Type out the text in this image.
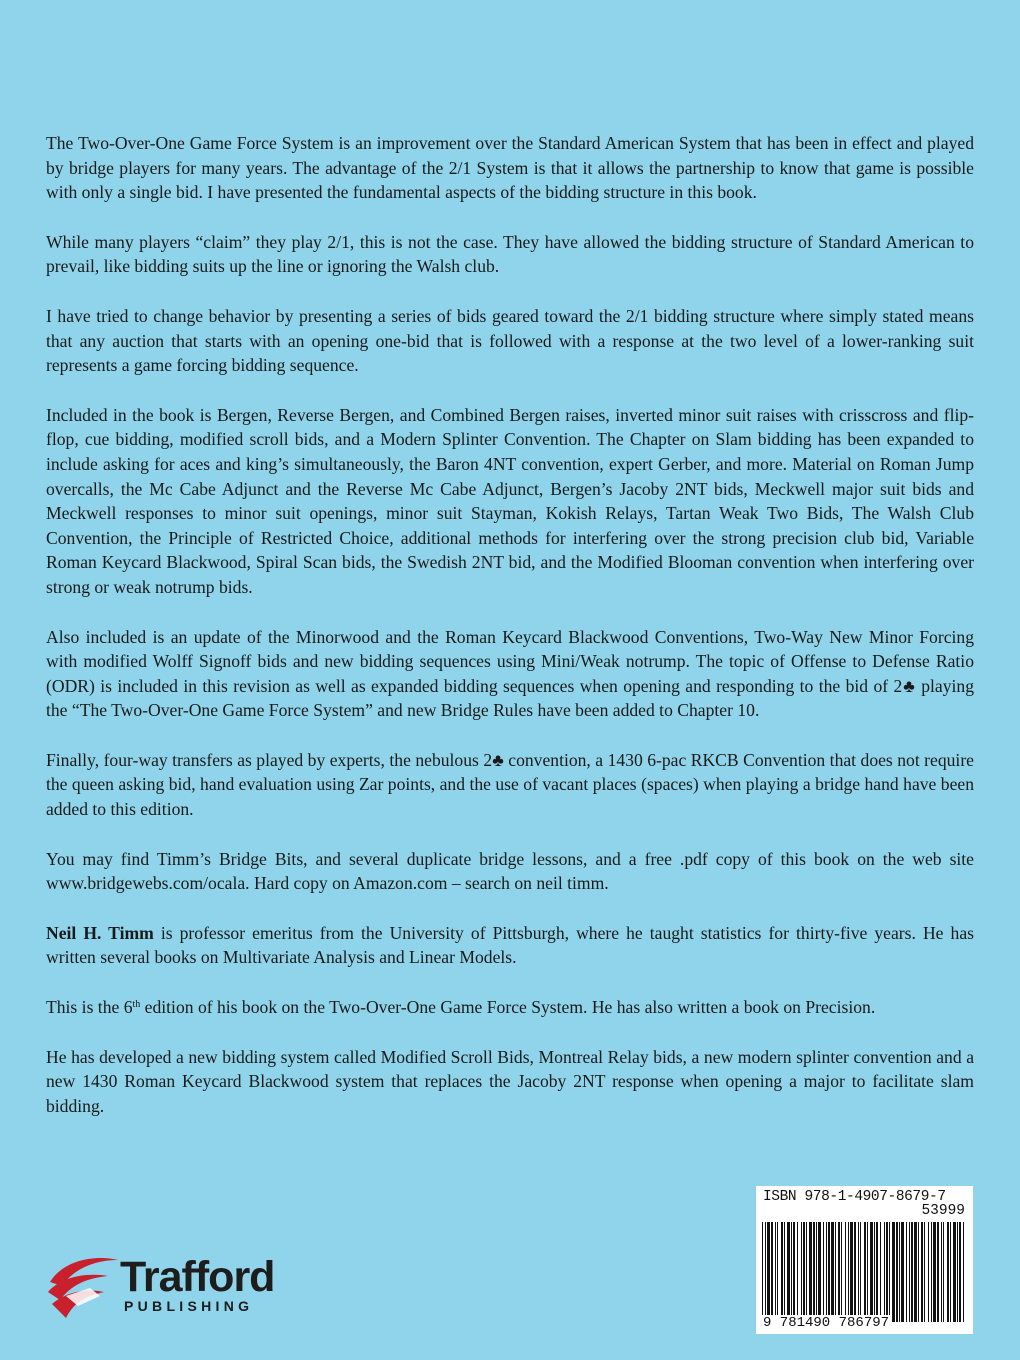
The Two-Over-One Game Force System is an improvement over the Standard American System that has been in effect and played by bridge players for many years. The advantage of the 2/1 System is that it allows the partnership to know that game is possible with only a single bid. I have presented the fundamental aspects of the bidding structure in this book.

While many players “claim” they play 2/1, this is not the case. They have allowed the bidding structure of Standard American to prevail, like bidding suits up the line or ignoring the Walsh club.

I have tried to change behavior by presenting a series of bids geared toward the 2/1 bidding structure where simply stated means that any auction that starts with an opening one-bid that is followed with a response at the two level of a lower-ranking suit represents a game forcing bidding sequence.

Included in the book is Bergen, Reverse Bergen, and Combined Bergen raises, inverted minor suit raises with crisscross and flip-flop, cue bidding, modified scroll bids, and a Modern Splinter Convention. The Chapter on Slam bidding has been expanded to include asking for aces and king’s simultaneously, the Baron 4NT convention, expert Gerber, and more. Material on Roman Jump overcalls, the Mc Cabe Adjunct and the Reverse Mc Cabe Adjunct, Bergen’s Jacoby 2NT bids, Meckwell major suit bids and Meckwell responses to minor suit openings, minor suit Stayman, Kokish Relays, Tartan Weak Two Bids, The Walsh Club Convention, the Principle of Restricted Choice, additional methods for interfering over the strong precision club bid, Variable Roman Keycard Blackwood, Spiral Scan bids, the Swedish 2NT bid, and the Modified Blooman convention when interfering over strong or weak notrump bids.

Also included is an update of the Minorwood and the Roman Keycard Blackwood Conventions, Two-Way New Minor Forcing with modified Wolff Signoff bids and new bidding sequences using Mini/Weak notrump. The topic of Offense to Defense Ratio (ODR) is included in this revision as well as expanded bidding sequences when opening and responding to the bid of 2♣ playing the “The Two-Over-One Game Force System” and new Bridge Rules have been added to Chapter 10.

Finally, four-way transfers as played by experts, the nebulous 2♣ convention, a 1430 6-pac RKCB Convention that does not require the queen asking bid, hand evaluation using Zar points, and the use of vacant places (spaces) when playing a bridge hand have been added to this edition.

You may find Timm’s Bridge Bits, and several duplicate bridge lessons, and a free .pdf copy of this book on the web site www.bridgewebs.com/ocala. Hard copy on Amazon.com – search on neil timm.

Neil H. Timm is professor emeritus from the University of Pittsburgh, where he taught statistics for thirty-five years. He has written several books on Multivariate Analysis and Linear Models.

This is the 6th edition of his book on the Two-Over-One Game Force System. He has also written a book on Precision.

He has developed a new bidding system called Modified Scroll Bids, Montreal Relay bids, a new modern splinter convention and a new 1430 Roman Keycard Blackwood system that replaces the Jacoby 2NT response when opening a major to facilitate slam bidding.

Trafford
PUBLISHING
ISBN 978-1-4907-8679-7
53999
9 781490 786797
